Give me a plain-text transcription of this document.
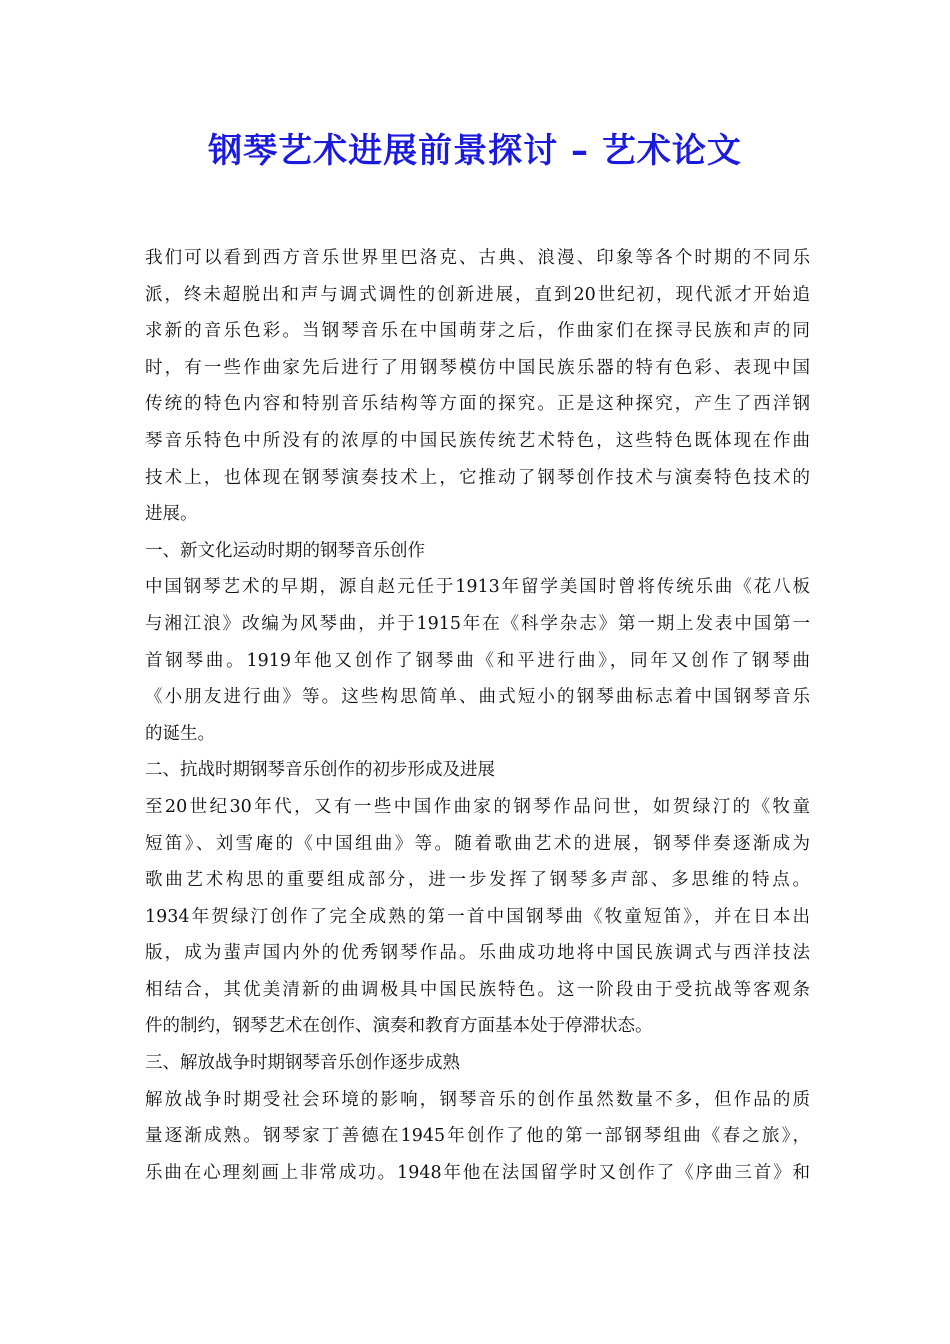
钢琴艺术进展前景探讨 – 艺术论文
我们可以看到西方音乐世界里巴洛克、古典、浪漫、印象等各个时期的不同乐
派，终未超脱出和声与调式调性的创新进展，直到20世纪初，现代派才开始追
求新的音乐色彩。当钢琴音乐在中国萌芽之后，作曲家们在探寻民族和声的同
时，有一些作曲家先后进行了用钢琴模仿中国民族乐器的特有色彩、表现中国
传统的特色内容和特别音乐结构等方面的探究。正是这种探究，产生了西洋钢
琴音乐特色中所没有的浓厚的中国民族传统艺术特色，这些特色既体现在作曲
技术上，也体现在钢琴演奏技术上，它推动了钢琴创作技术与演奏特色技术的
进展。
一、新文化运动时期的钢琴音乐创作
中国钢琴艺术的早期，源自赵元任于1913年留学美国时曾将传统乐曲《花八板
与湘江浪》改编为风琴曲，并于1915年在《科学杂志》第一期上发表中国第一
首钢琴曲。1919年他又创作了钢琴曲《和平进行曲》，同年又创作了钢琴曲
《小朋友进行曲》等。这些构思简单、曲式短小的钢琴曲标志着中国钢琴音乐
的诞生。
二、抗战时期钢琴音乐创作的初步形成及进展
至20世纪30年代，又有一些中国作曲家的钢琴作品问世，如贺绿汀的《牧童
短笛》、刘雪庵的《中国组曲》等。随着歌曲艺术的进展，钢琴伴奏逐渐成为
歌曲艺术构思的重要组成部分，进一步发挥了钢琴多声部、多思维的特点。
1934年贺绿汀创作了完全成熟的第一首中国钢琴曲《牧童短笛》，并在日本出
版，成为蜚声国内外的优秀钢琴作品。乐曲成功地将中国民族调式与西洋技法
相结合，其优美清新的曲调极具中国民族特色。这一阶段由于受抗战等客观条
件的制约，钢琴艺术在创作、演奏和教育方面基本处于停滞状态。
三、解放战争时期钢琴音乐创作逐步成熟
解放战争时期受社会环境的影响，钢琴音乐的创作虽然数量不多，但作品的质
量逐渐成熟。钢琴家丁善德在1945年创作了他的第一部钢琴组曲《春之旅》，
乐曲在心理刻画上非常成功。1948年他在法国留学时又创作了《序曲三首》和
